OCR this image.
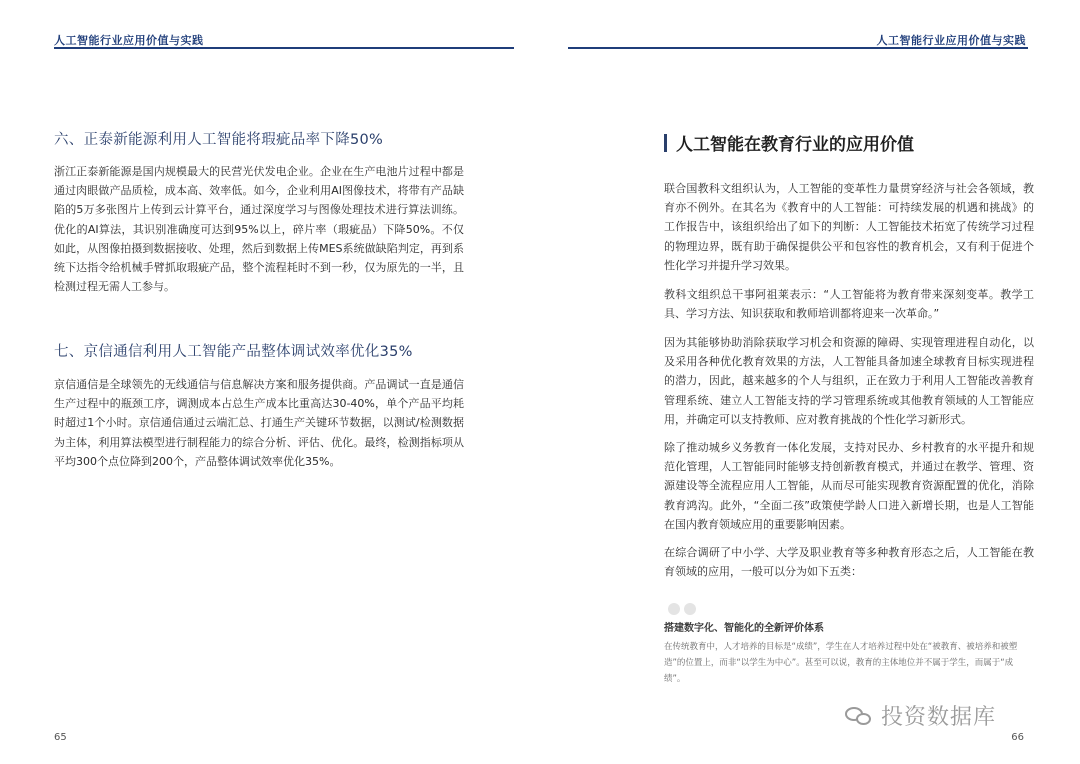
人工智能行业应用价值与实践
六、正泰新能源利用人工智能将瑕疵品率下降50%
浙江正泰新能源是国内规模最大的民营光伏发电企业。企业在生产电池片过程中都是通过肉眼做产品质检，成本高、效率低。如今，企业利用AI图像技术，将带有产品缺陷的5万多张图片上传到云计算平台，通过深度学习与图像处理技术进行算法训练。优化的AI算法，其识别准确度可达到95%以上，碎片率（瑕疵品）下降50%。不仅如此，从图像拍摄到数据接收、处理，然后到数据上传MES系统做缺陷判定，再到系统下达指令给机械手臂抓取瑕疵产品，整个流程耗时不到一秒，仅为原先的一半，且检测过程无需人工参与。
七、京信通信利用人工智能产品整体调试效率优化35%
京信通信是全球领先的无线通信与信息解决方案和服务提供商。产品调试一直是通信生产过程中的瓶颈工序，调测成本占总生产成本比重高达30-40%，单个产品平均耗时超过1个小时。京信通信通过云端汇总、打通生产关键环节数据，以测试/检测数据为主体，利用算法模型进行制程能力的综合分析、评估、优化。最终，检测指标项从平均300个点位降到200个，产品整体调试效率优化35%。
65
人工智能行业应用价值与实践
人工智能在教育行业的应用价值
联合国教科文组织认为，人工智能的变革性力量贯穿经济与社会各领域，教育亦不例外。在其名为《教育中的人工智能：可持续发展的机遇和挑战》的工作报告中，该组织给出了如下的判断：人工智能技术拓宽了传统学习过程的物理边界，既有助于确保提供公平和包容性的教育机会，又有利于促进个性化学习并提升学习效果。
教科文组织总干事阿祖莱表示：“人工智能将为教育带来深刻变革。教学工具、学习方法、知识获取和教师培训都将迎来一次革命。”
因为其能够协助消除获取学习机会和资源的障碍、实现管理进程自动化，以及采用各种优化教育效果的方法，人工智能具备加速全球教育目标实现进程的潜力，因此，越来越多的个人与组织，正在致力于利用人工智能改善教育管理系统、建立人工智能支持的学习管理系统或其他教育领域的人工智能应用，并确定可以支持教师、应对教育挑战的个性化学习新形式。
除了推动城乡义务教育一体化发展，支持对民办、乡村教育的水平提升和规范化管理，人工智能同时能够支持创新教育模式，并通过在教学、管理、资源建设等全流程应用人工智能，从而尽可能实现教育资源配置的优化，消除教育鸿沟。此外，“全面二孩”政策使学龄人口进入新增长期，也是人工智能在国内教育领域应用的重要影响因素。
在综合调研了中小学、大学及职业教育等多种教育形态之后，人工智能在教育领域的应用，一般可以分为如下五类：
搭建数字化、智能化的全新评价体系
在传统教育中，人才培养的目标是“成绩”，学生在人才培养过程中处在“被教育、被培养和被塑造”的位置上，而非“以学生为中心”。甚至可以说，教育的主体地位并不属于学生，而属于“成绩”。
66
投资数据库
